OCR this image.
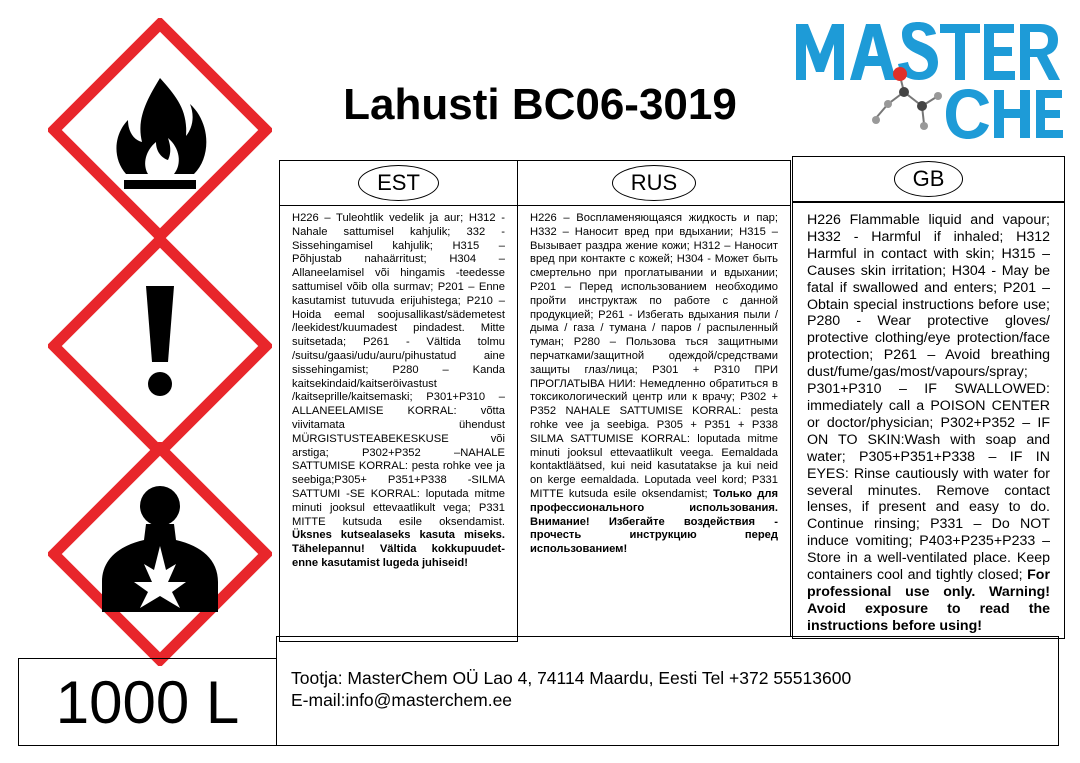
Lahusti BC06-3019
EST
H226 – Tuleohtlik vedelik ja aur; H312 - Nahale sattumisel kahjulik; 332 - Sissehingamisel kahjulik; H315 – Põhjustab nahaärritust; H304 – Allaneelamisel või hingamis -teedesse sattumisel võib olla surmav; P201 – Enne kasutamist tutuvuda erijuhistega; P210 – Hoida eemal soojusallikast/sädemetest /leekidest/kuumadest pindadest. Mitte suitsetada; P261 - Vältida tolmu /suitsu/gaasi/udu/auru/pihustatud aine sissehingamist; P280 – Kanda kaitsekindaid/kaitseröivastust /kaitseprille/kaitsemaski; P301+P310 – ALLANEELAMISE KORRAL: võtta viivitamata ühendust MÜRGISTUSTEABEKESKUSE või arstiga; P302+P352 –NAHALE SATTUMISE KORRAL: pesta rohke vee ja seebiga;P305+ P351+P338 -SILMA SATTUMI -SE KORRAL: loputada mitme minuti jooksul ettevaatlikult vega; P331 MITTE kutsuda esile oksendamist. Üksnes kutsealaseks kasuta miseks. Tähelepannu! Vältida kokkupuudet-enne kasutamist lugeda juhiseid!
RUS
H226 – Воспламеняющаяся жидкость и пар; H332 – Наносит вред при вдыхании; H315 – Вызывает раздра жение кожи; H312 – Наносит вред при контакте с кожей; H304 - Может быть смертельно при проглатывании и вдыхании; P201 – Перед использованием необходимо пройти инструктаж по работе с данной продукцией; P261 - Избегать вдыхания пыли / дыма / газа / тумана / паров / распыленный туман; P280 – Пользова ться защитными перчатками/защитной одеждой/средствами защиты глаз/лица; P301 + P310 ПРИ ПРОГЛАТЫВА НИИ: Немедленно обратиться в токсикологический центр или к врачу; P302 + P352 NAHALE SATTUMISE KORRAL: pesta rohke vee ja seebiga. P305 + P351 + P338 SILMA SATTUMISE KORRAL: loputada mitme minuti jooksul ettevaatlikult veega. Eemaldada kontaktläätsed, kui neid kasutatakse ja kui neid on kerge eemaldada. Loputada veel kord; P331 MITTE kutsuda esile oksendamist; Только для профессионального использования. Внимание! Избегайте воздействия - прочесть инструкцию перед использованием!
GB
H226 Flammable liquid and vapour; H332 - Harmful if inhaled; H312 Harmful in contact with skin; H315 – Causes skin irritation; H304 - May be fatal if swallowed and enters; P201 – Obtain special instructions before use; P280 - Wear protective gloves/ protective clothing/eye protection/face protection; P261 – Avoid breathing dust/fume/gas/most/vapours/spray; P301+P310 – IF SWALLOWED: immediately call a POISON CENTER or doctor/physician; P302+P352 – IF ON TO SKIN:Wash with soap and water; P305+P351+P338 – IF IN EYES: Rinse cautiously with water for several minutes. Remove contact lenses, if present and easy to do. Continue rinsing; P331 – Do NOT induce vomiting; P403+P235+P233 – Store in a well-ventilated place. Keep containers cool and tightly closed; For professional use only. Warning! Avoid exposure to read the instructions before using!
1000 L	Tootja: MasterChem OÜ Lao 4, 74114 Maardu, Eesti Tel +372 55513600
E-mail:info@masterchem.ee
